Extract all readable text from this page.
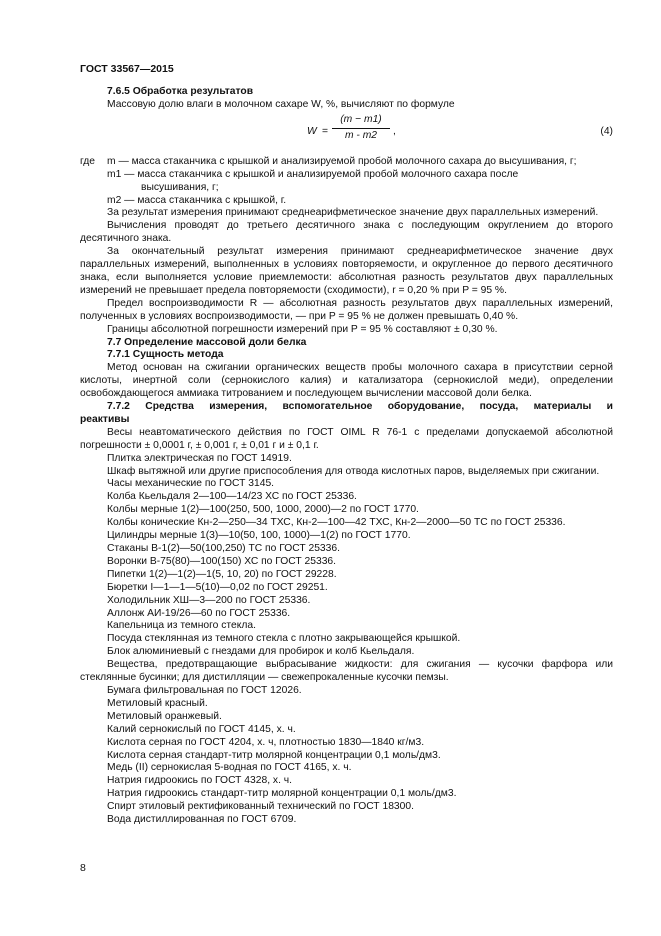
ГОСТ 33567—2015

7.6.5 Обработка результатов

Массовую долю влаги в молочном сахаре W, %, вычисляют по формуле

$W = \frac{(m - m1)}{m - m2}$ ,	(4)
где	m — масса стаканчика с крышкой и анализируемой пробой молочного сахара до высушивания, г;

m1 — масса стаканчика с крышкой и анализируемой пробой молочного сахара после

высушивания, г;

m2 — масса стаканчика с крышкой, г.

За результат измерения принимают среднеарифметическое значение двух параллельных измерений.

Вычисления проводят до третьего десятичного знака с последующим округлением до второго десятичного знака.

За окончательный результат измерения принимают среднеарифметическое значение двух параллельных измерений, выполненных в условиях повторяемости, и округленное до первого десятичного знака, если выполняется условие приемлемости: абсолютная разность результатов двух параллельных измерений не превышает предела повторяемости (сходимости), r = 0,20 % при P = 95 %.

Предел воспроизводимости R — абсолютная разность результатов двух параллельных измерений, полученных в условиях воспроизводимости, — при P = 95 % не должен превышать 0,40 %.

Границы абсолютной погрешности измерений при P = 95 % составляют ± 0,30 %.

7.7 Определение массовой доли белка

7.7.1 Сущность метода

Метод основан на сжигании органических веществ пробы молочного сахара в присутствии серной кислоты, инертной соли (сернокислого калия) и катализатора (сернокислой меди), определении освобождающегося аммиака титрованием и последующем вычислении массовой доли белка.

7.7.2 Средства измерения, вспомогательное оборудование, посуда, материалы и

реактивы

Весы неавтоматического действия по ГОСТ OIML R 76-1 с пределами допускаемой абсолютной погрешности ± 0,0001 г, ± 0,001 г, ± 0,01 г и ± 0,1 г.

Плитка электрическая по ГОСТ 14919.

Шкаф вытяжной или другие приспособления для отвода кислотных паров, выделяемых при сжигании.

Часы механические по ГОСТ 3145.

Колба Кьельдаля 2—100—14/23 ХС по ГОСТ 25336.

Колбы мерные 1(2)—100(250, 500, 1000, 2000)—2 по ГОСТ 1770.

Колбы конические Кн-2—250—34 ТХС, Кн-2—100—42 ТХС, Кн-2—2000—50 ТС по ГОСТ 25336.

Цилиндры мерные 1(3)—10(50, 100, 1000)—1(2) по ГОСТ 1770.

Стаканы В-1(2)—50(100,250) ТС по ГОСТ 25336.

Воронки В-75(80)—100(150) ХС по ГОСТ 25336.

Пипетки 1(2)—1(2)—1(5, 10, 20) по ГОСТ 29228.

Бюретки I—1—1—5(10)—0,02 по ГОСТ 29251.

Холодильник ХШ—3—200 по ГОСТ 25336.

Аллонж АИ-19/26—60 по ГОСТ 25336.

Капельница из темного стекла.

Посуда стеклянная из темного стекла с плотно закрывающейся крышкой.

Блок алюминиевый с гнездами для пробирок и колб Кьельдаля.

Вещества, предотвращающие выбрасывание жидкости: для сжигания — кусочки фарфора или стеклянные бусинки; для дистилляции — свежепрокаленные кусочки пемзы.

Бумага фильтровальная по ГОСТ 12026.

Метиловый красный.

Метиловый оранжевый.

Калий сернокислый по ГОСТ 4145, х. ч.

Кислота серная по ГОСТ 4204, х. ч, плотностью 1830—1840 кг/м3.

Кислота серная стандарт-титр молярной концентрации 0,1 моль/дм3.

Медь (II) сернокислая 5-водная по ГОСТ 4165, х. ч.

Натрия гидроокись по ГОСТ 4328, х. ч.

Натрия гидроокись стандарт-титр молярной концентрации 0,1 моль/дм3.

Спирт этиловый ректификованный технический по ГОСТ 18300.

Вода дистиллированная по ГОСТ 6709.

8
